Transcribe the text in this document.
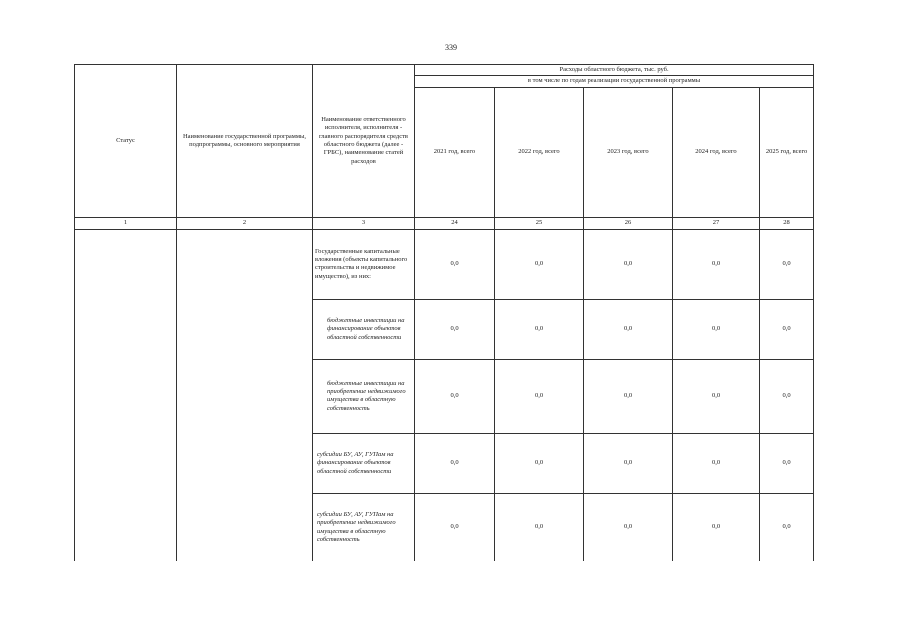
339
Статус	Наименование государственной программы, подпрограммы, основного мероприятия	Наименование ответственного исполнителя, исполнителя - главного распорядителя средств областного бюджета (далее - ГРБС), наименование статей расходов	Расходы областного бюджета, тыс. руб.				
			в том числе по годам реализации государственной программы				
			2021 год, всего	2022 год, всего	2023 год, всего	2024 год, всего	2025 год, всего
1	2	3	24	25	26	27	28
		Государственные капитальные вложения (объекты капитального строительства и недвижимое имущество), из них:	0,0	0,0	0,0	0,0	0,0
		бюджетные инвестиции на финансирование объектов областной собственности	0,0	0,0	0,0	0,0	0,0
		бюджетные инвестиции на приобретение недвижимого имущества в областную собственность	0,0	0,0	0,0	0,0	0,0
		субсидии БУ, АУ, ГУПам на финансирование объектов областной собственности	0,0	0,0	0,0	0,0	0,0
		субсидии БУ, АУ, ГУПам на приобретение недвижимого имущества в областную собственность	0,0	0,0	0,0	0,0	0,0
